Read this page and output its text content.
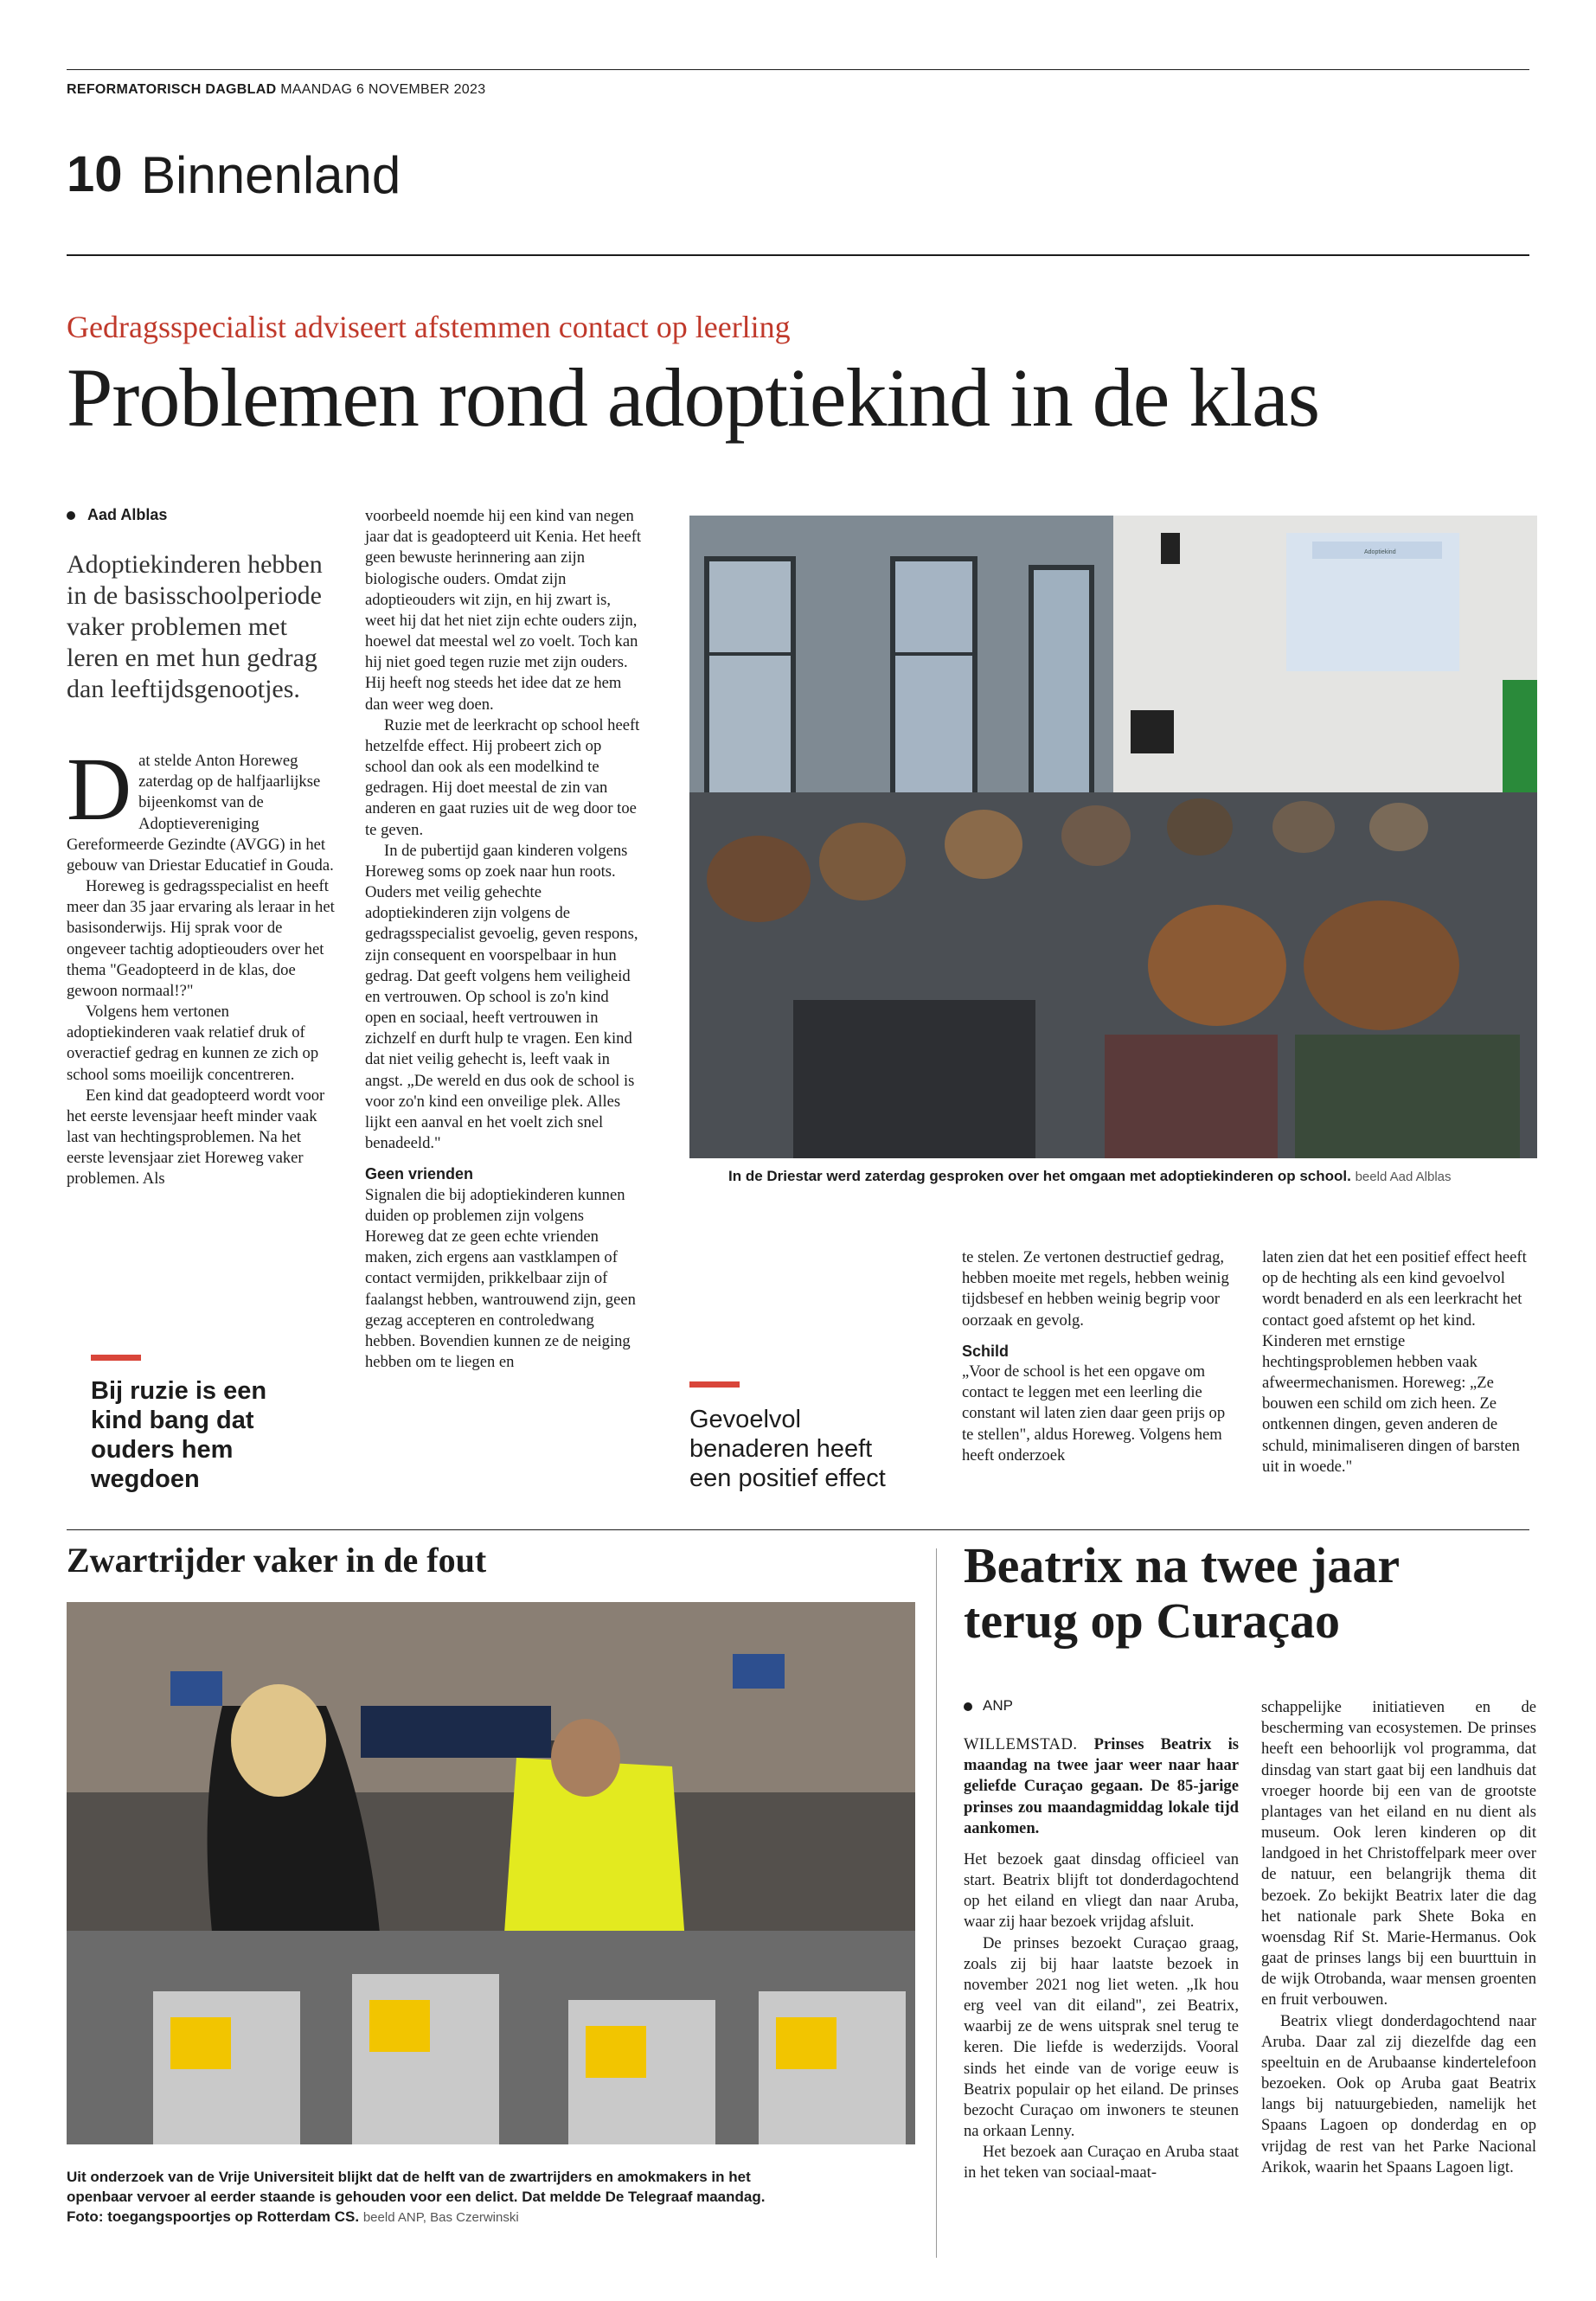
REFORMATORISCH DAGBLAD MAANDAG 6 NOVEMBER 2023
10 Binnenland
Gedragsspecialist adviseert afstemmen contact op leerling
Problemen rond adoptiekind in de klas
Aad Alblas
Adoptiekinderen hebben in de basisschoolperiode vaker problemen met leren en met hun gedrag dan leeftijdsgenootjes.

Dat stelde Anton Horeweg zaterdag op de halfjaarlijkse bijeenkomst van de Adoptievereniging Gereformeerde Gezindte (AVGG) in het gebouw van Driestar Educatief in Gouda.

Horeweg is gedragsspecialist en heeft meer dan 35 jaar ervaring als leraar in het basisonderwijs. Hij sprak voor de ongeveer tachtig adoptieouders over het thema "Geadopteerd in de klas, doe gewoon normaal!?"

Volgens hem vertonen adoptiekinderen vaak relatief druk of overactief gedrag en kunnen ze zich op school soms moeilijk concentreren.

Een kind dat geadopteerd wordt voor het eerste levensjaar heeft minder vaak last van hechtingsproblemen. Na het eerste levensjaar ziet Horeweg vaker problemen. Als

voorbeeld noemde hij een kind van negen jaar dat is geadopteerd uit Kenia. Het heeft geen bewuste herinnering aan zijn biologische ouders. Omdat zijn adoptieouders wit zijn, en hij zwart is, weet hij dat het niet zijn echte ouders zijn, hoewel dat meestal wel zo voelt. Toch kan hij niet goed tegen ruzie met zijn ouders. Hij heeft nog steeds het idee dat ze hem dan weer weg doen.

Ruzie met de leerkracht op school heeft hetzelfde effect. Hij probeert zich op school dan ook als een modelkind te gedragen. Hij doet meestal de zin van anderen en gaat ruzies uit de weg door toe te geven.

In de pubertijd gaan kinderen volgens Horeweg soms op zoek naar hun roots. Ouders met veilig gehechte adoptiekinderen zijn volgens de gedragsspecialist gevoelig, geven respons, zijn consequent en voorspelbaar in hun gedrag. Dat geeft volgens hem veiligheid en vertrouwen. Op school is zo'n kind open en sociaal, heeft vertrouwen in zichzelf en durft hulp te vragen. Een kind dat niet veilig gehecht is, leeft vaak in angst. „De wereld en dus ook de school is voor zo'n kind een onveilige plek. Alles lijkt een aanval en het voelt zich snel benadeeld."

Geen vrienden

Signalen die bij adoptiekinderen kunnen duiden op problemen zijn volgens Horeweg dat ze geen echte vrienden maken, zich ergens aan vastklampen of contact vermijden, prikkelbaar zijn of faalangst hebben, wantrouwend zijn, geen gezag accepteren en controledwang hebben. Bovendien kunnen ze de neiging hebben om te liegen en

Bij ruzie is een kind bang dat ouders hem wegdoen
Adoptiekind
In de Driestar werd zaterdag gesproken over het omgaan met adoptiekinderen op school. beeld Aad Alblas

te stelen. Ze vertonen destructief gedrag, hebben moeite met regels, hebben weinig tijdsbesef en hebben weinig begrip voor oorzaak en gevolg.

Schild

„Voor de school is het een opgave om contact te leggen met een leerling die constant wil laten zien daar geen prijs op te stellen", aldus Horeweg. Volgens hem heeft onderzoek

Gevoelvol benaderen heeft een positief effect

laten zien dat het een positief effect heeft op de hechting als een kind gevoelvol wordt benaderd en als een leerkracht het contact goed afstemt op het kind. Kinderen met ernstige hechtingsproblemen hebben vaak afweermechanismen. Horeweg: „Ze bouwen een schild om zich heen. Ze ontkennen dingen, geven anderen de schuld, minimaliseren dingen of barsten uit in woede."

Zwartrijder vaker in de fout
Uit onderzoek van de Vrije Universiteit blijkt dat de helft van de zwartrijders en amokmakers in het openbaar vervoer al eerder staande is gehouden voor een delict. Dat meldde De Telegraaf maandag. Foto: toegangspoortjes op Rotterdam CS. beeld ANP, Bas Czerwinski
Beatrix na twee jaar terug op Curaçao
ANP

WILLEMSTAD. Prinses Beatrix is maandag na twee jaar weer naar haar geliefde Curaçao gegaan. De 85-jarige prinses zou maandagmiddag lokale tijd aankomen.

Het bezoek gaat dinsdag officieel van start. Beatrix blijft tot donderdagochtend op het eiland en vliegt dan naar Aruba, waar zij haar bezoek vrijdag afsluit.

De prinses bezoekt Curaçao graag, zoals zij bij haar laatste bezoek in november 2021 nog liet weten. „Ik hou erg veel van dit eiland", zei Beatrix, waarbij ze de wens uitsprak snel terug te keren. Die liefde is wederzijds. Vooral sinds het einde van de vorige eeuw is Beatrix populair op het eiland. De prinses bezocht Curaçao om inwoners te steunen na orkaan Lenny.

Het bezoek aan Curaçao en Aruba staat in het teken van sociaal-maat-

schappelijke initiatieven en de bescherming van ecosystemen. De prinses heeft een behoorlijk vol programma, dat dinsdag van start gaat bij een landhuis dat vroeger hoorde bij een van de grootste plantages van het eiland en nu dient als museum. Ook leren kinderen op dit landgoed in het Christoffelpark meer over de natuur, een belangrijk thema dit bezoek. Zo bekijkt Beatrix later die dag het nationale park Shete Boka en woensdag Rif St. Marie-Hermanus. Ook gaat de prinses langs bij een buurttuin in de wijk Otrobanda, waar mensen groenten en fruit verbouwen.

Beatrix vliegt donderdagochtend naar Aruba. Daar zal zij diezelfde dag een speeltuin en de Arubaanse kindertelefoon bezoeken. Ook op Aruba gaat Beatrix langs bij natuurgebieden, namelijk het Spaans Lagoen op donderdag en op vrijdag de rest van het Parke Nacional Arikok, waarin het Spaans Lagoen ligt.
